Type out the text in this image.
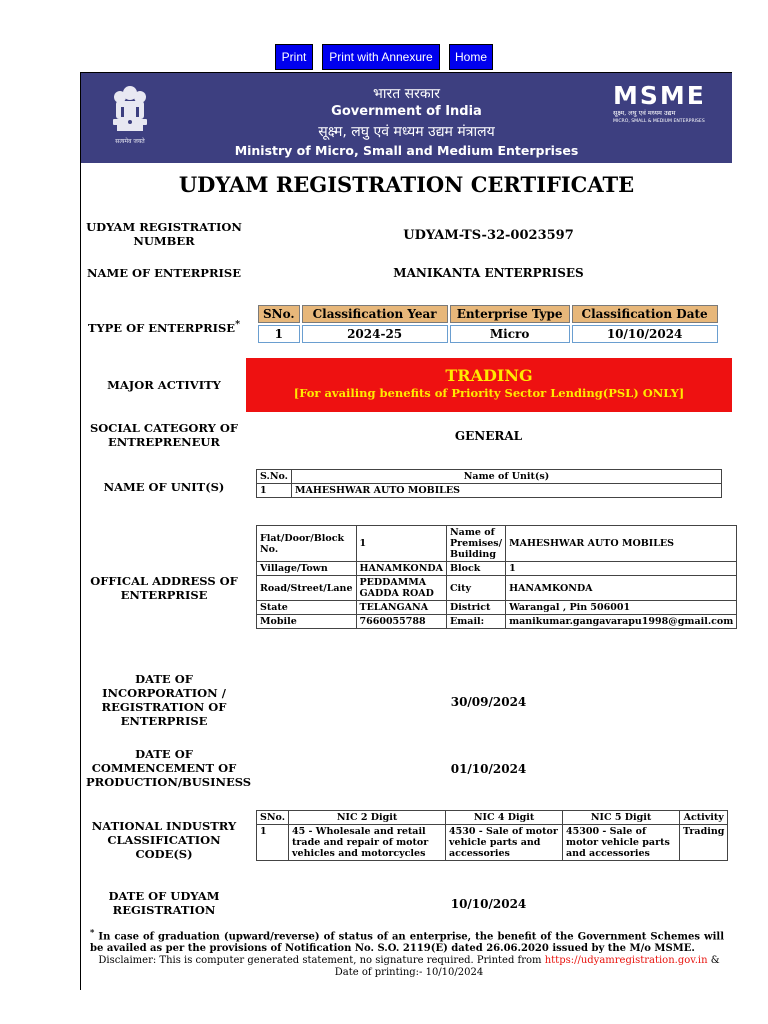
Print	Print with Annexure	Home
सत्यमेव जयते
भारत सरकार
Government of India
सूक्ष्म, लघु एवं मध्यम उद्यम मंत्रालय
Ministry of Micro, Small and Medium Enterprises
MSME
सूक्ष्म, लघु एवं मध्यम उद्यम
MICRO, SMALL & MEDIUM ENTERPRISES
UDYAM REGISTRATION CERTIFICATE
UDYAM REGISTRATION NUMBER	UDYAM-TS-32-0023597
NAME OF ENTERPRISE	MANIKANTA ENTERPRISES
TYPE OF ENTERPRISE*
SNo.	Classification Year	Enterprise Type	Classification Date
1	2024-25	Micro	10/10/2024
MAJOR ACTIVITY	TRADING
[For availing benefits of Priority Sector Lending(PSL) ONLY]
SOCIAL CATEGORY OF ENTREPRENEUR	GENERAL
NAME OF UNIT(S)
S.No.	Name of Unit(s)
1	MAHESHWAR AUTO MOBILES
OFFICAL ADDRESS OF ENTERPRISE
Flat/Door/Block No.	1	Name of Premises/ Building	MAHESHWAR AUTO MOBILES
Village/Town	HANAMKONDA	Block	1
Road/Street/Lane	PEDDAMMA GADDA ROAD	City	HANAMKONDA
State	TELANGANA	District	Warangal , Pin 506001
Mobile	7660055788	Email:	manikumar.gangavarapu1998@gmail.com
DATE OF INCORPORATION / REGISTRATION OF ENTERPRISE
30/09/2024
DATE OF COMMENCEMENT OF PRODUCTION/BUSINESS
01/10/2024
NATIONAL INDUSTRY CLASSIFICATION CODE(S)
SNo.	NIC 2 Digit	NIC 4 Digit	NIC 5 Digit	Activity
1	45 - Wholesale and retail trade and repair of motor vehicles and motorcycles	4530 - Sale of motor vehicle parts and accessories	45300 - Sale of motor vehicle parts and accessories	Trading
DATE OF UDYAM REGISTRATION	10/10/2024
* In case of graduation (upward/reverse) of status of an enterprise, the benefit of the Government Schemes will be availed as per the provisions of Notification No. S.O. 2119(E) dated 26.06.2020 issued by the M/o MSME.
Disclaimer: This is computer generated statement, no signature required. Printed from https://udyamregistration.gov.in & Date of printing:- 10/10/2024
